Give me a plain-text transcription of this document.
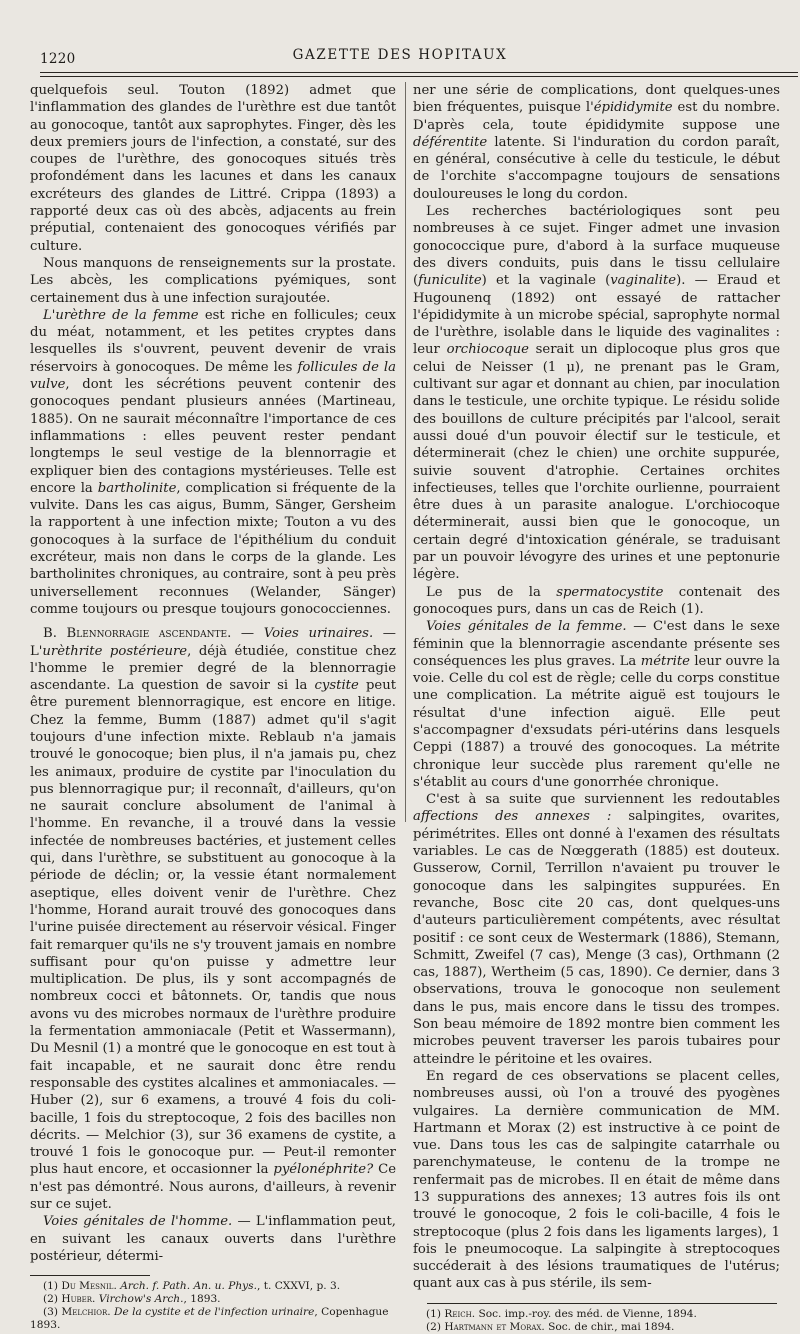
1220	GAZETTE DES HOPITAUX

quelquefois seul. Touton (1892) admet que l'inflammation des glandes de l'urèthre est due tantôt au gonocoque, tantôt aux saprophytes. Finger, dès les deux premiers jours de l'infection, a constaté, sur des coupes de l'urèthre, des gonocoques situés très profondément dans les lacunes et dans les canaux excréteurs des glandes de Littré. Crippa (1893) a rapporté deux cas où des abcès, adjacents au frein préputial, contenaient des gonocoques vérifiés par culture.

Nous manquons de renseignements sur la prostate. Les abcès, les complications pyémiques, sont certainement dus à une infection surajoutée.

L'urèthre de la femme est riche en follicules; ceux du méat, notamment, et les petites cryptes dans lesquelles ils s'ouvrent, peuvent devenir de vrais réservoirs à gonocoques. De même les follicules de la vulve, dont les sécrétions peuvent contenir des gonocoques pendant plusieurs années (Martineau, 1885). On ne saurait méconnaître l'importance de ces inflammations : elles peuvent rester pendant longtemps le seul vestige de la blennorragie et expliquer bien des contagions mystérieuses. Telle est encore la bartholinite, complication si fréquente de la vulvite. Dans les cas aigus, Bumm, Sänger, Gersheim la rapportent à une infection mixte; Touton a vu des gonocoques à la surface de l'épithélium du conduit excréteur, mais non dans le corps de la glande. Les bartholinites chroniques, au contraire, sont à peu près universellement reconnues (Welander, Sänger) comme toujours ou presque toujours gonococciennes.

B. Blennorragie ascendante. — Voies urinaires. — L'urèthrite postérieure, déjà étudiée, constitue chez l'homme le premier degré de la blennorragie ascendante. La question de savoir si la cystite peut être purement blennorragique, est encore en litige. Chez la femme, Bumm (1887) admet qu'il s'agit toujours d'une infection mixte. Reblaub n'a jamais trouvé le gonocoque; bien plus, il n'a jamais pu, chez les animaux, produire de cystite par l'inoculation du pus blennorragique pur; il reconnaît, d'ailleurs, qu'on ne saurait conclure absolument de l'animal à l'homme. En revanche, il a trouvé dans la vessie infectée de nombreuses bactéries, et justement celles qui, dans l'urèthre, se substituent au gonocoque à la période de déclin; or, la vessie étant normalement aseptique, elles doivent venir de l'urèthre. Chez l'homme, Horand aurait trouvé des gonocoques dans l'urine puisée directement au réservoir vésical. Finger fait remarquer qu'ils ne s'y trouvent jamais en nombre suffisant pour qu'on puisse y admettre leur multiplication. De plus, ils y sont accompagnés de nombreux cocci et bâtonnets. Or, tandis que nous avons vu des microbes normaux de l'urèthre produire la fermentation ammoniacale (Petit et Wassermann), Du Mesnil (1) a montré que le gonocoque en est tout à fait incapable, et ne saurait donc être rendu responsable des cystites alcalines et ammoniacales. — Huber (2), sur 6 examens, a trouvé 4 fois du coli-bacille, 1 fois du streptocoque, 2 fois des bacilles non décrits. — Melchior (3), sur 36 examens de cystite, a trouvé 1 fois le gonocoque pur. — Peut-il remonter plus haut encore, et occasionner la pyélonéphrite? Ce n'est pas démontré. Nous aurons, d'ailleurs, à revenir sur ce sujet.

Voies génitales de l'homme. — L'inflammation peut, en suivant les canaux ouverts dans l'urèthre postérieur, détermi-

(1) Du Mesnil. Arch. f. Path. An. u. Phys., t. CXXVI, p. 3.

(2) Huber. Virchow's Arch., 1893.

(3) Melchior. De la cystite et de l'infection urinaire, Copenhague 1893.

ner une série de complications, dont quelques-unes bien fréquentes, puisque l'épididymite est du nombre. D'après cela, toute épididymite suppose une déférentite latente. Si l'induration du cordon paraît, en général, consécutive à celle du testicule, le début de l'orchite s'accompagne toujours de sensations douloureuses le long du cordon.

Les recherches bactériologiques sont peu nombreuses à ce sujet. Finger admet une invasion gonococcique pure, d'abord à la surface muqueuse des divers conduits, puis dans le tissu cellulaire (funiculite) et la vaginale (vaginalite). — Eraud et Hugounenq (1892) ont essayé de rattacher l'épididymite à un microbe spécial, saprophyte normal de l'urèthre, isolable dans le liquide des vaginalites : leur orchiocoque serait un diplocoque plus gros que celui de Neisser (1 μ), ne prenant pas le Gram, cultivant sur agar et donnant au chien, par inoculation dans le testicule, une orchite typique. Le résidu solide des bouillons de culture précipités par l'alcool, serait aussi doué d'un pouvoir électif sur le testicule, et déterminerait (chez le chien) une orchite suppurée, suivie souvent d'atrophie. Certaines orchites infectieuses, telles que l'orchite ourlienne, pourraient être dues à un parasite analogue. L'orchiocoque déterminerait, aussi bien que le gonocoque, un certain degré d'intoxication générale, se traduisant par un pouvoir lévogyre des urines et une peptonurie légère.

Le pus de la spermatocystite contenait des gonocoques purs, dans un cas de Reich (1).

Voies génitales de la femme. — C'est dans le sexe féminin que la blennorragie ascendante présente ses conséquences les plus graves. La métrite leur ouvre la voie. Celle du col est de règle; celle du corps constitue une complication. La métrite aiguë est toujours le résultat d'une infection aiguë. Elle peut s'accompagner d'exsudats péri-utérins dans lesquels Ceppi (1887) a trouvé des gonocoques. La métrite chronique leur succède plus rarement qu'elle ne s'établit au cours d'une gonorrhée chronique.

C'est à sa suite que surviennent les redoutables affections des annexes : salpingites, ovarites, périmétrites. Elles ont donné à l'examen des résultats variables. Le cas de Nœggerath (1885) est douteux. Gusserow, Cornil, Terrillon n'avaient pu trouver le gonocoque dans les salpingites suppurées. En revanche, Bosc cite 20 cas, dont quelques-uns d'auteurs particulièrement compétents, avec résultat positif : ce sont ceux de Westermark (1886), Stemann, Schmitt, Zweifel (7 cas), Menge (3 cas), Orthmann (2 cas, 1887), Wertheim (5 cas, 1890). Ce dernier, dans 3 observations, trouva le gonocoque non seulement dans le pus, mais encore dans le tissu des trompes. Son beau mémoire de 1892 montre bien comment les microbes peuvent traverser les parois tubaires pour atteindre le péritoine et les ovaires.

En regard de ces observations se placent celles, nombreuses aussi, où l'on a trouvé des pyogènes vulgaires. La dernière communication de MM. Hartmann et Morax (2) est instructive à ce point de vue. Dans tous les cas de salpingite catarrhale ou parenchymateuse, le contenu de la trompe ne renfermait pas de microbes. Il en était de même dans 13 suppurations des annexes; 13 autres fois ils ont trouvé le gonocoque, 2 fois le coli-bacille, 4 fois le streptocoque (plus 2 fois dans les ligaments larges), 1 fois le pneumocoque. La salpingite à streptocoques succéderait à des lésions traumatiques de l'utérus; quant aux cas à pus stérile, ils sem-

(1) Reich. Soc. imp.-roy. des méd. de Vienne, 1894.

(2) Hartmann et Morax. Soc. de chir., mai 1894.
